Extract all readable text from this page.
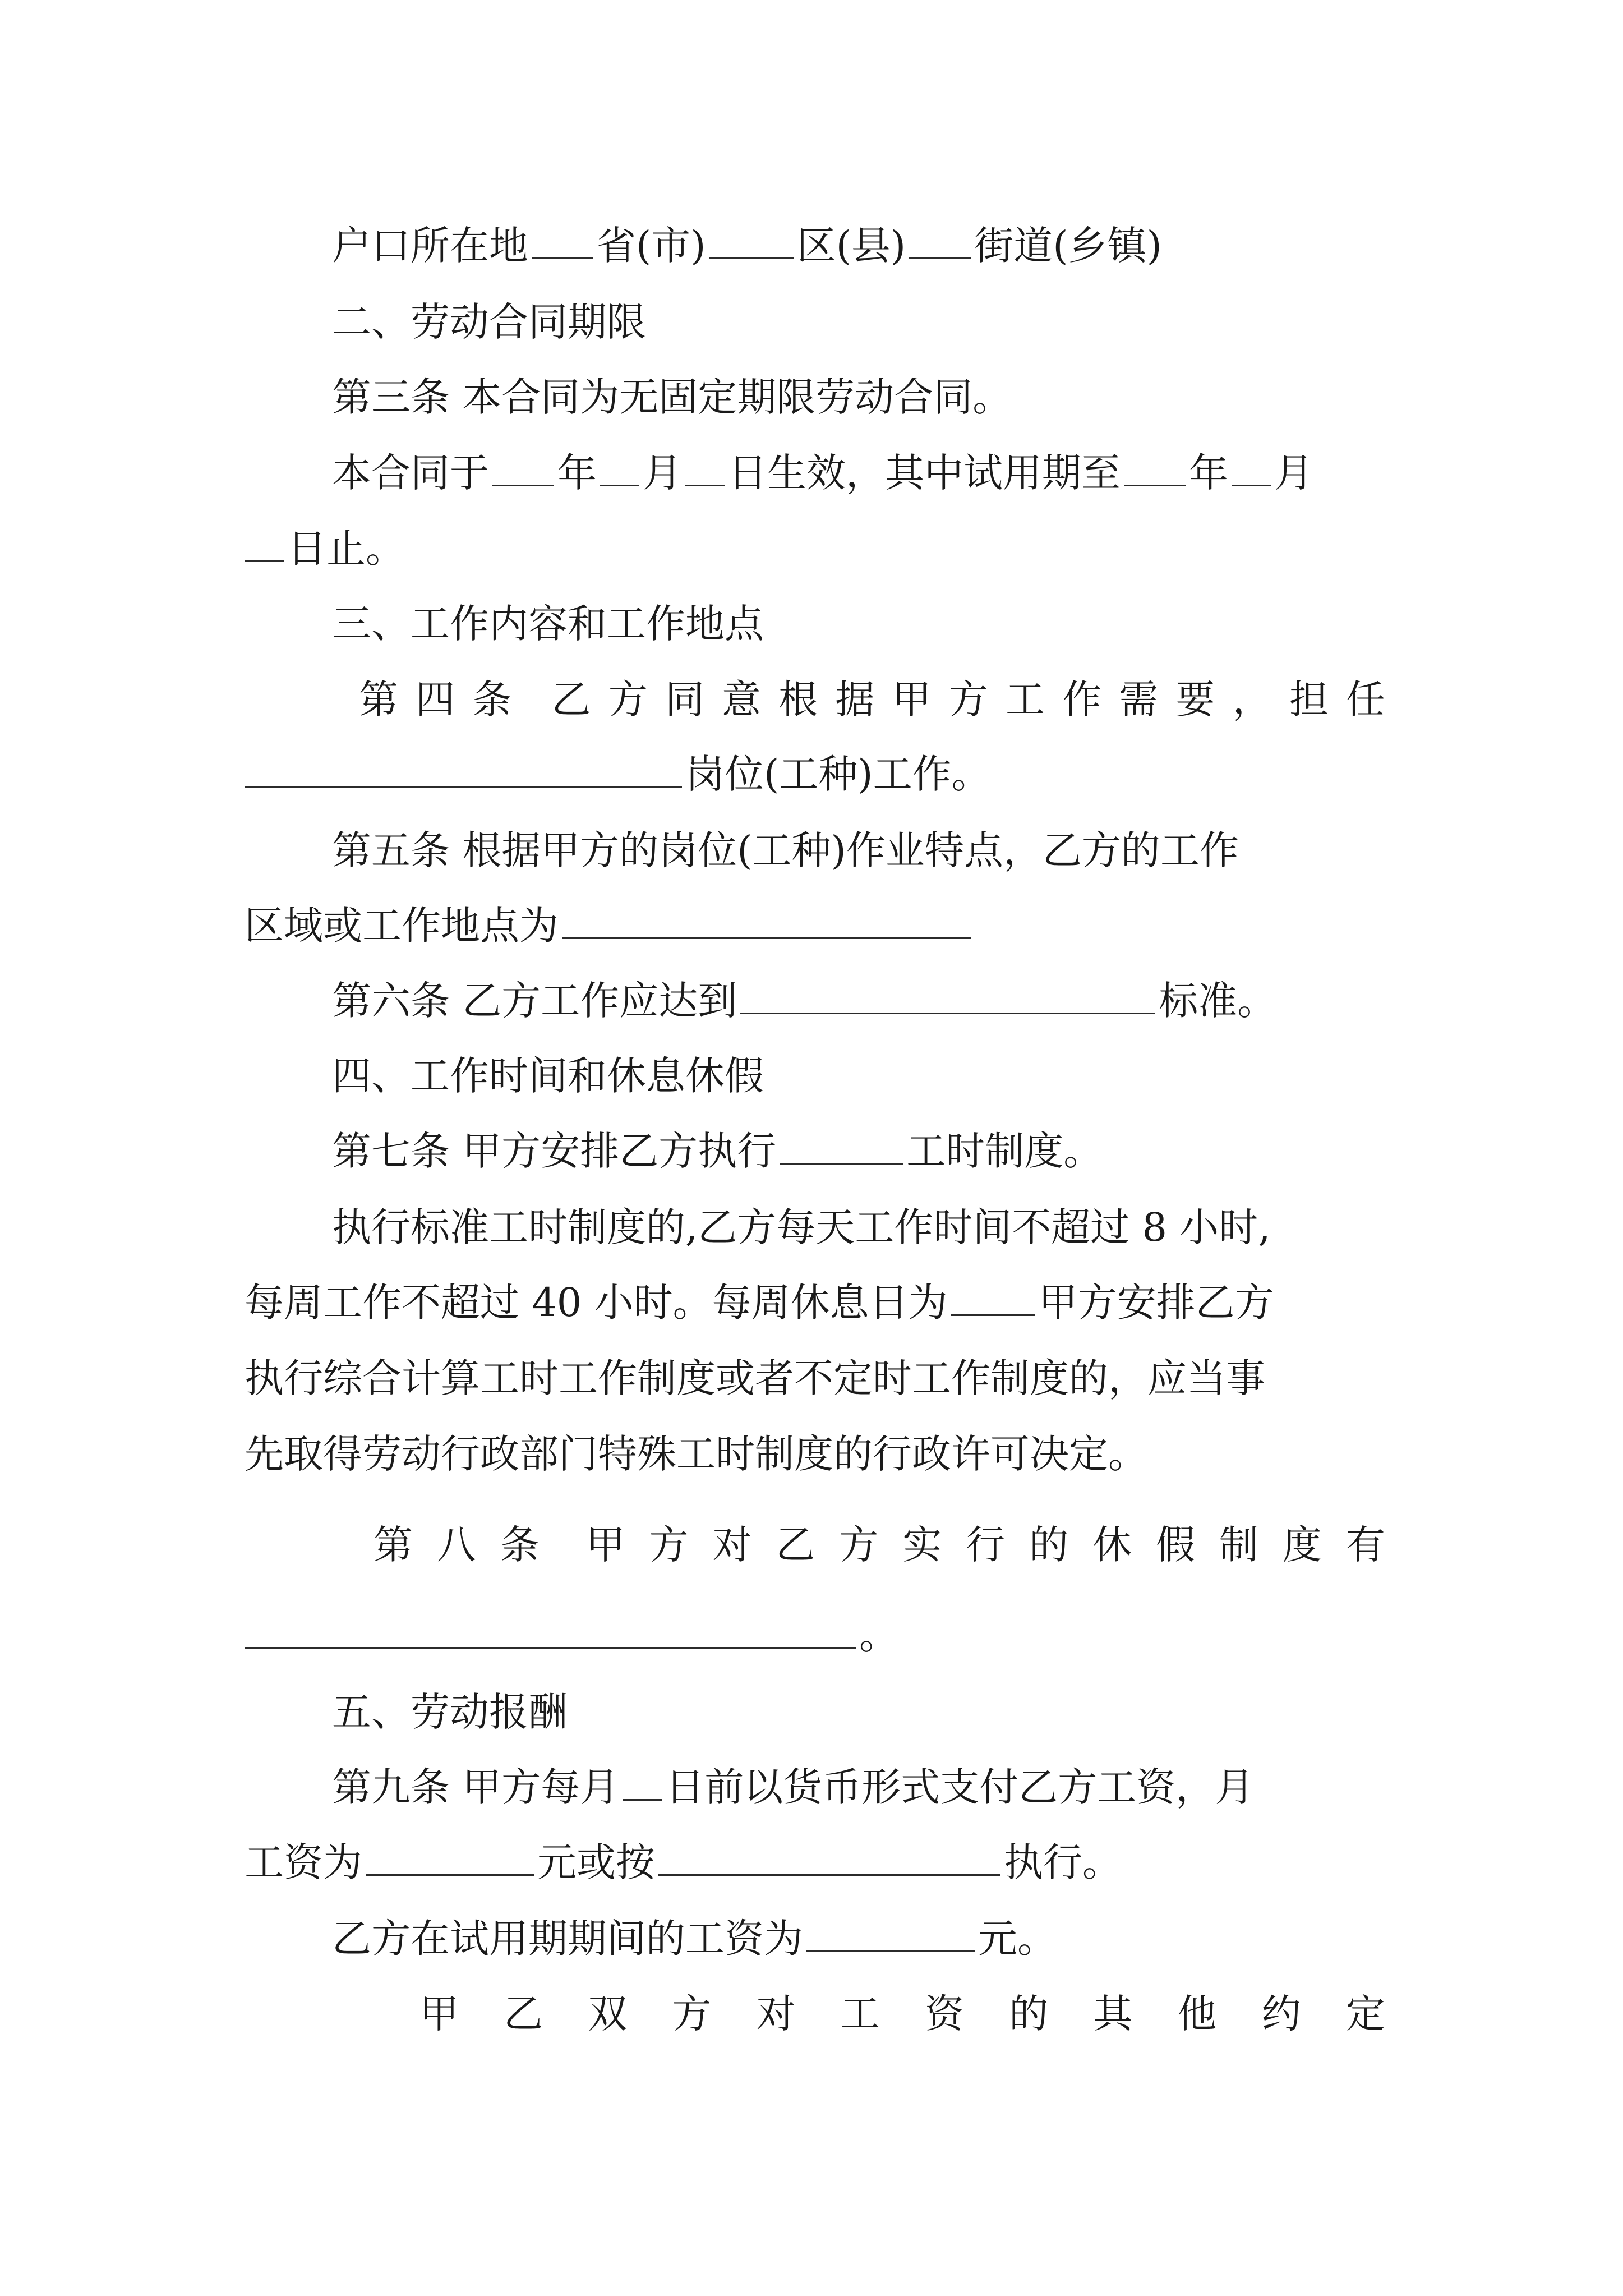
户口所在地 省(市) 区(县) 街道(乡镇)
二、劳动合同期限
第三条 本合同为无固定期限劳动合同。
本合同于 年 月 日生效，其中试用期至 年 月
日止。
三、工作内容和工作地点
第 四 条 乙 方 同 意 根 据 甲 方 工 作 需 要 ， 担 任
岗位(工种)工作。
第五条 根据甲方的岗位(工种)作业特点，乙方的工作
区域或工作地点为
第六条 乙方工作应达到	标准。
四、工作时间和休息休假
第七条 甲方安排乙方执行	工时制度。
执行标准工时制度的,乙方每天工作时间不超过 8 小时,
每周工作不超过 40 小时。每周休息日为 甲方安排乙方
执行综合计算工时工作制度或者不定时工作制度的，应当事
先取得劳动行政部门特殊工时制度的行政许可决定。
第 八 条 甲 方 对 乙 方 实 行 的 休 假 制 度 有
。
五、劳动报酬
第九条 甲方每月 日前以货币形式支付乙方工资，月
工资为	元或按	执行。
乙方在试用期期间的工资为	元。
甲 乙 双 方 对 工 资 的 其 他 约 定
